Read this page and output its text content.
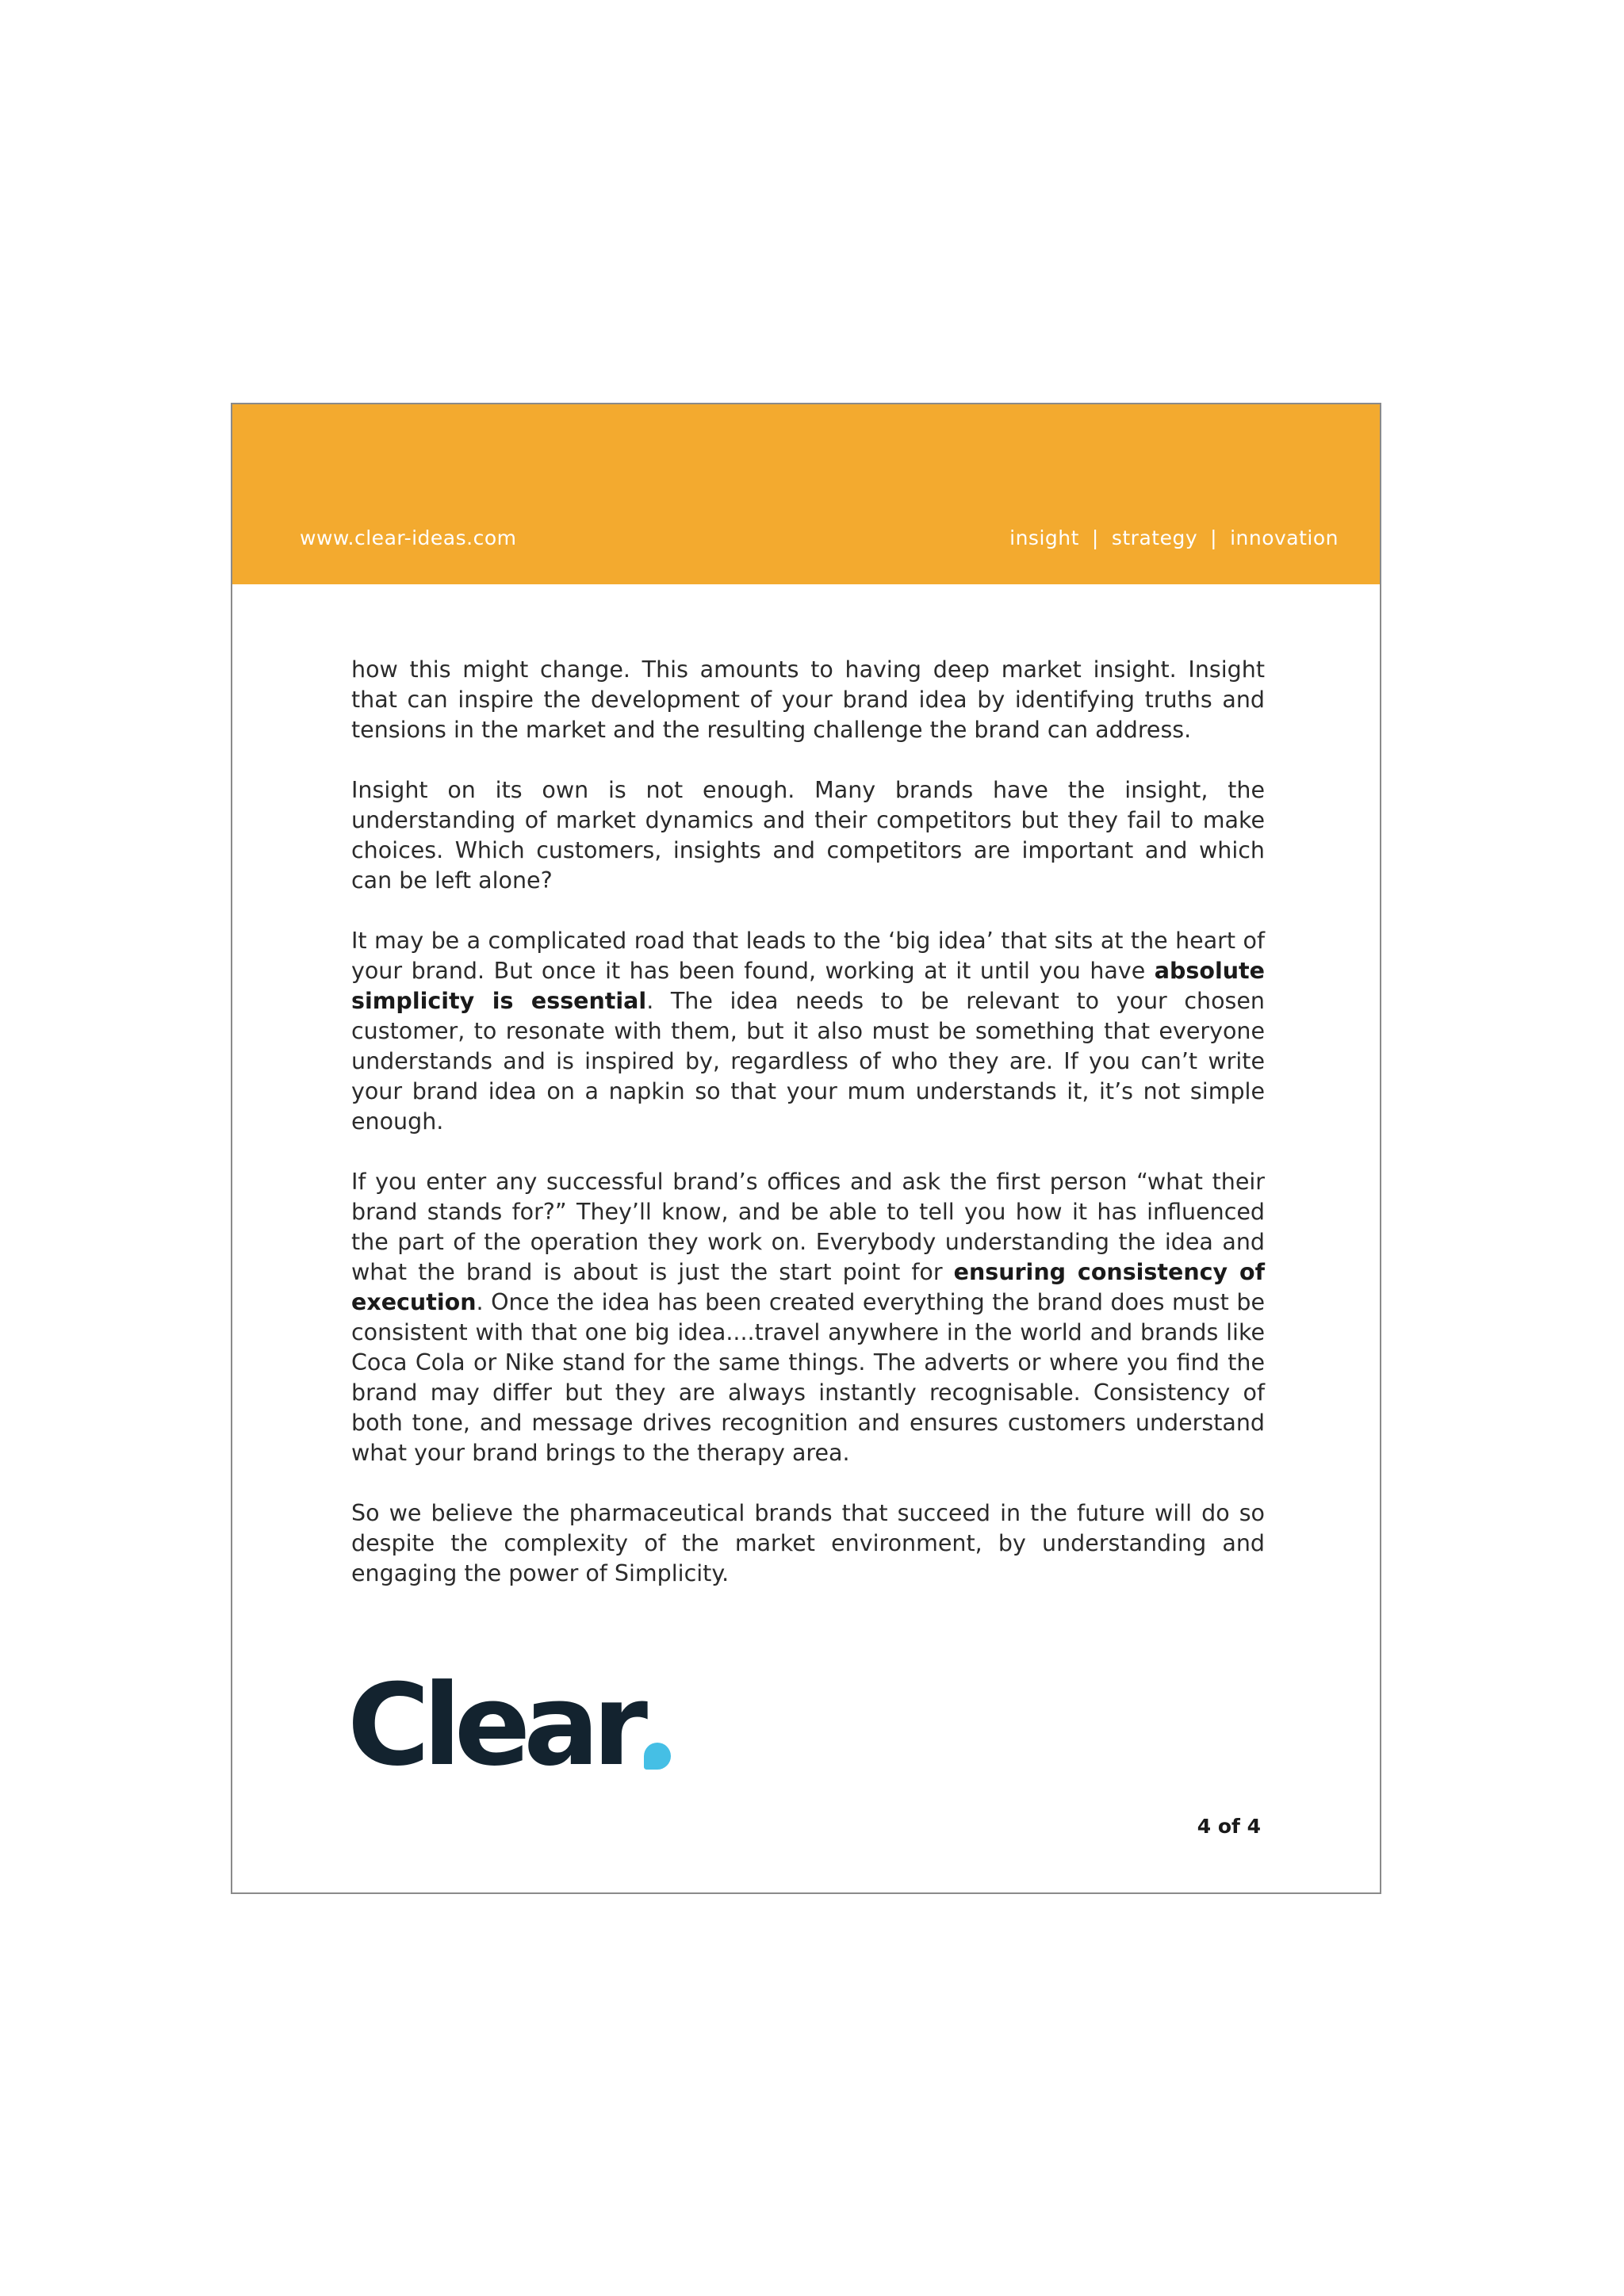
www.clear-ideas.com	insight | strategy | innovation

how this might change. This amounts to having deep market insight. Insight that can inspire the development of your brand idea by identifying truths and tensions in the market and the resulting challenge the brand can address.

Insight on its own is not enough. Many brands have the insight, the understanding of market dynamics and their competitors but they fail to make choices. Which customers, insights and competitors are important and which can be left alone?

It may be a complicated road that leads to the ‘big idea’ that sits at the heart of your brand. But once it has been found, working at it until you have absolute simplicity is essential. The idea needs to be relevant to your chosen customer, to resonate with them, but it also must be something that everyone understands and is inspired by, regardless of who they are. If you can’t write your brand idea on a napkin so that your mum understands it, it’s not simple enough.

If you enter any successful brand’s offices and ask the first person “what their brand stands for?” They’ll know, and be able to tell you how it has influenced the part of the operation they work on. Everybody understanding the idea and what the brand is about is just the start point for ensuring consistency of execution. Once the idea has been created everything the brand does must be consistent with that one big idea....travel anywhere in the world and brands like Coca Cola or Nike stand for the same things. The adverts or where you find the brand may differ but they are always instantly recognisable. Consistency of both tone, and message drives recognition and ensures customers understand what your brand brings to the therapy area.

So we believe the pharmaceutical brands that succeed in the future will do so despite the complexity of the market environment, by understanding and engaging the power of Simplicity.

Clear
4 of 4
